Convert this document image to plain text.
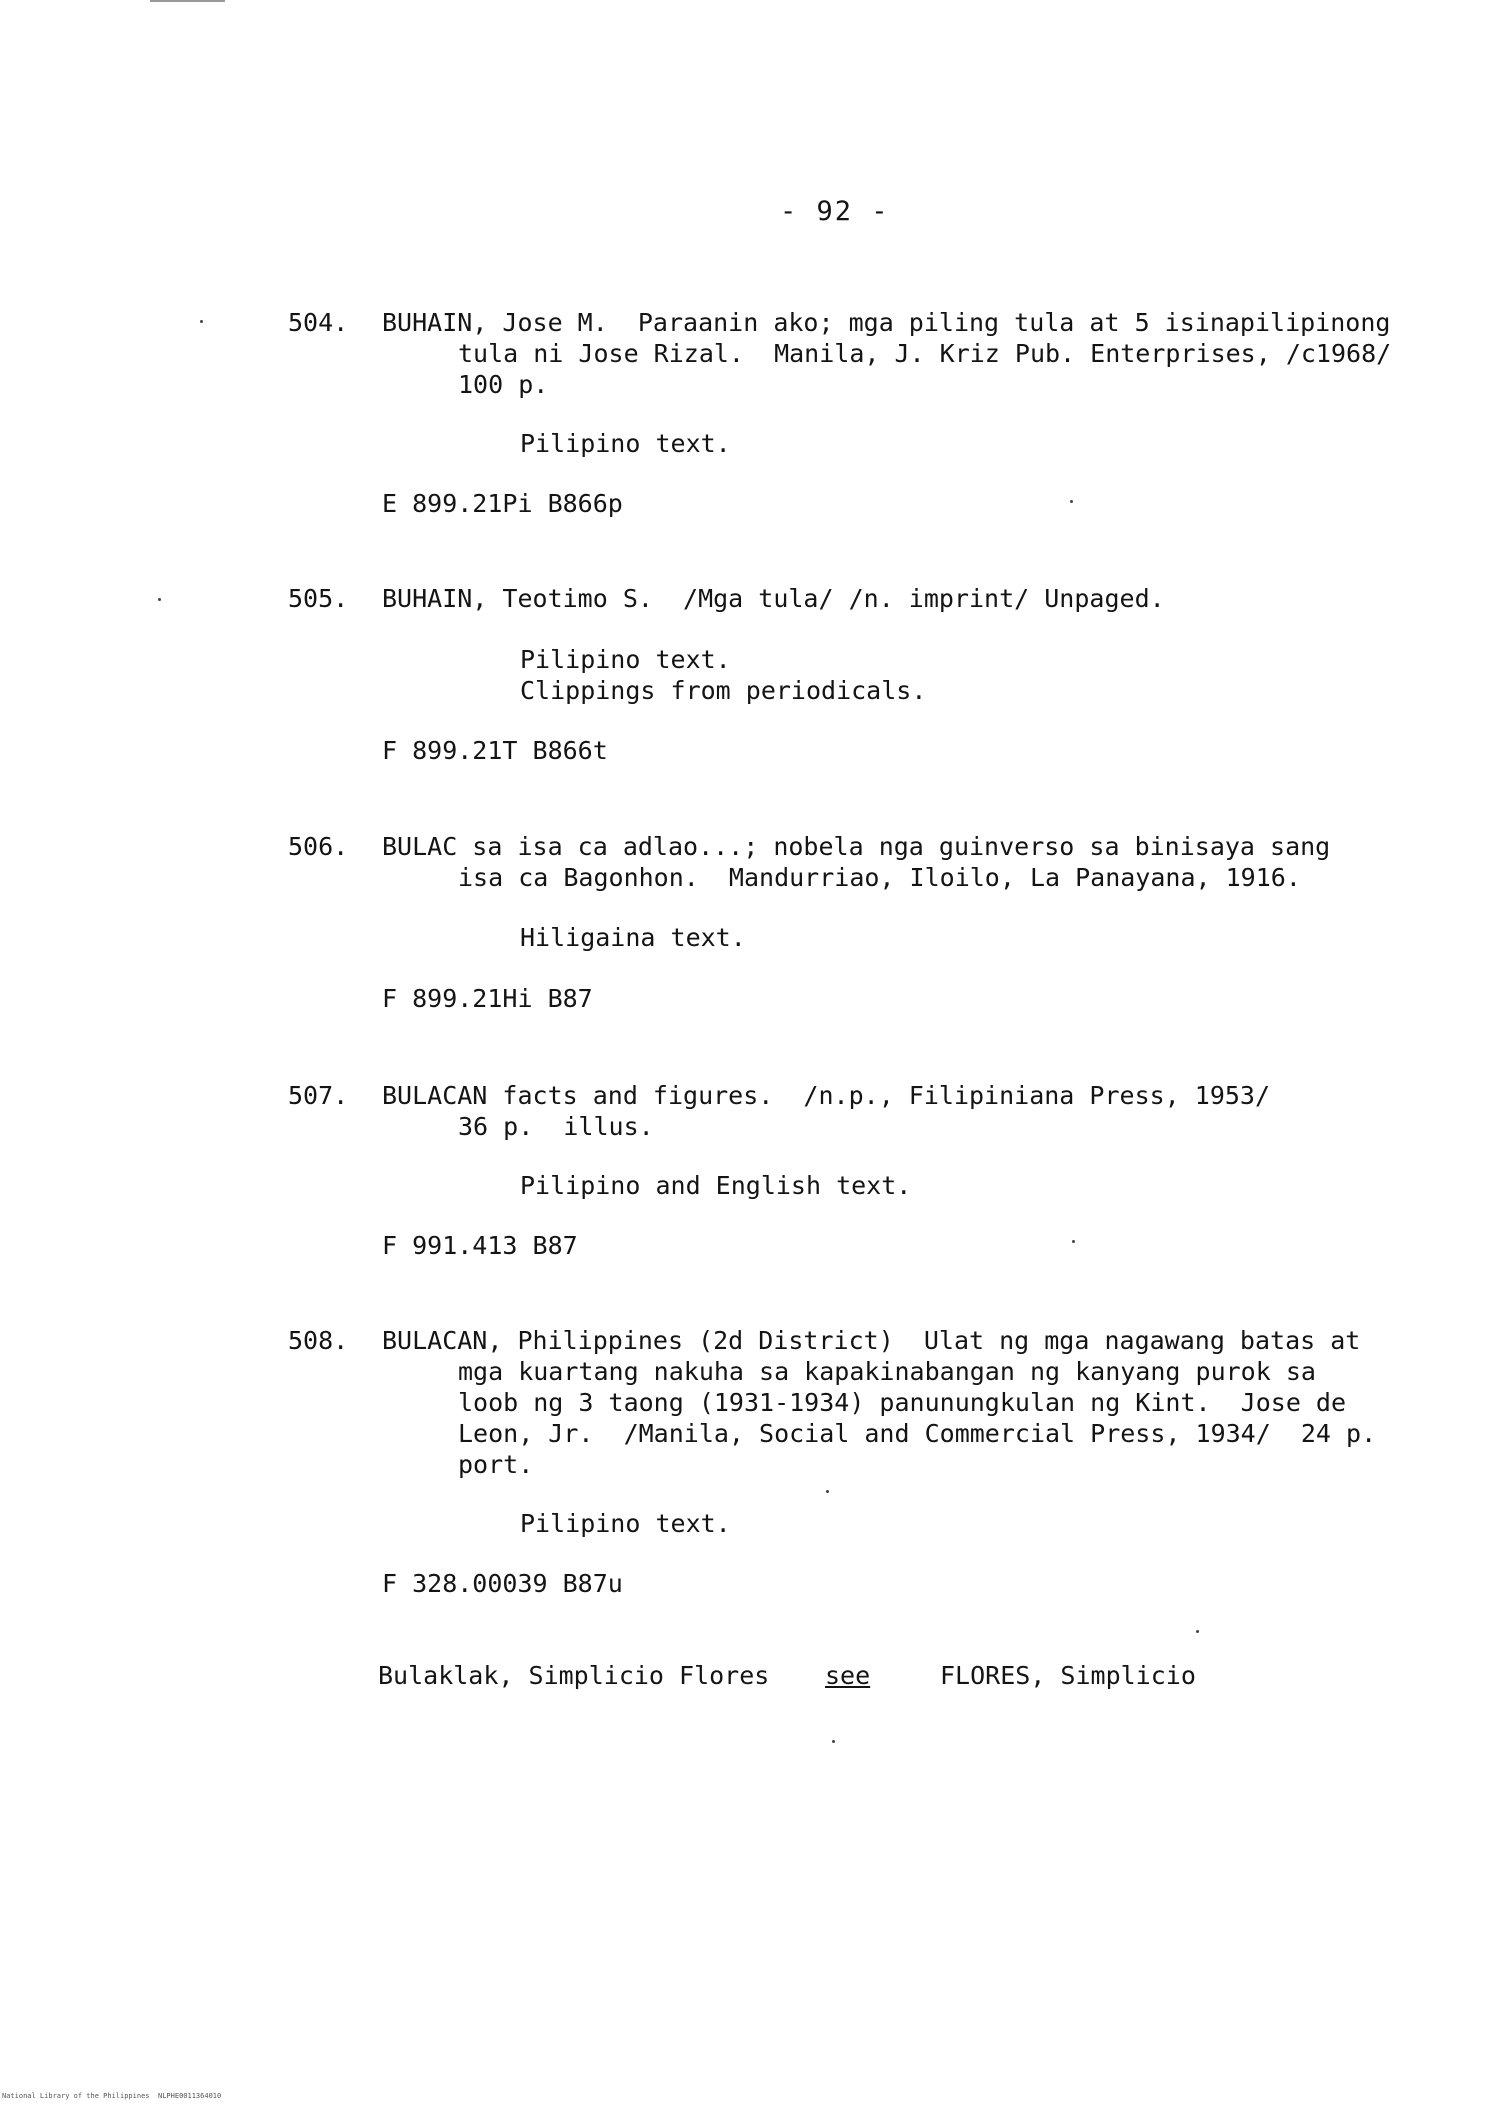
- 92 -
504. BUHAIN, Jose M.  Paraanin ako; mga piling tula at 5 isinapilipinong
tula ni Jose Rizal.  Manila, J. Kriz Pub. Enterprises, /c1968/
100 p.
Pilipino text.
E 899.21Pi B866p
505. BUHAIN, Teotimo S.  /Mga tula/ /n. imprint/ Unpaged.
Pilipino text.
Clippings from periodicals.
F 899.21T B866t
506. BULAC sa isa ca adlao...; nobela nga guinverso sa binisaya sang
isa ca Bagonhon.  Mandurriao, Iloilo, La Panayana, 1916.
Hiligaina text.
F 899.21Hi B87
507. BULACAN facts and figures.  /n.p., Filipiniana Press, 1953/
36 p.  illus.
Pilipino and English text.
F 991.413 B87
508. BULACAN, Philippines (2d District)  Ulat ng mga nagawang batas at
mga kuartang nakuha sa kapakinabangan ng kanyang purok sa
loob ng 3 taong (1931-1934) panunungkulan ng Kint.  Jose de
Leon, Jr.  /Manila, Social and Commercial Press, 1934/  24 p.
port.
Pilipino text.
F 328.00039 B87u
Bulaklak, Simplicio Flores see	FLORES, Simplicio
National Library of the Philippines NLPHE0011364010
